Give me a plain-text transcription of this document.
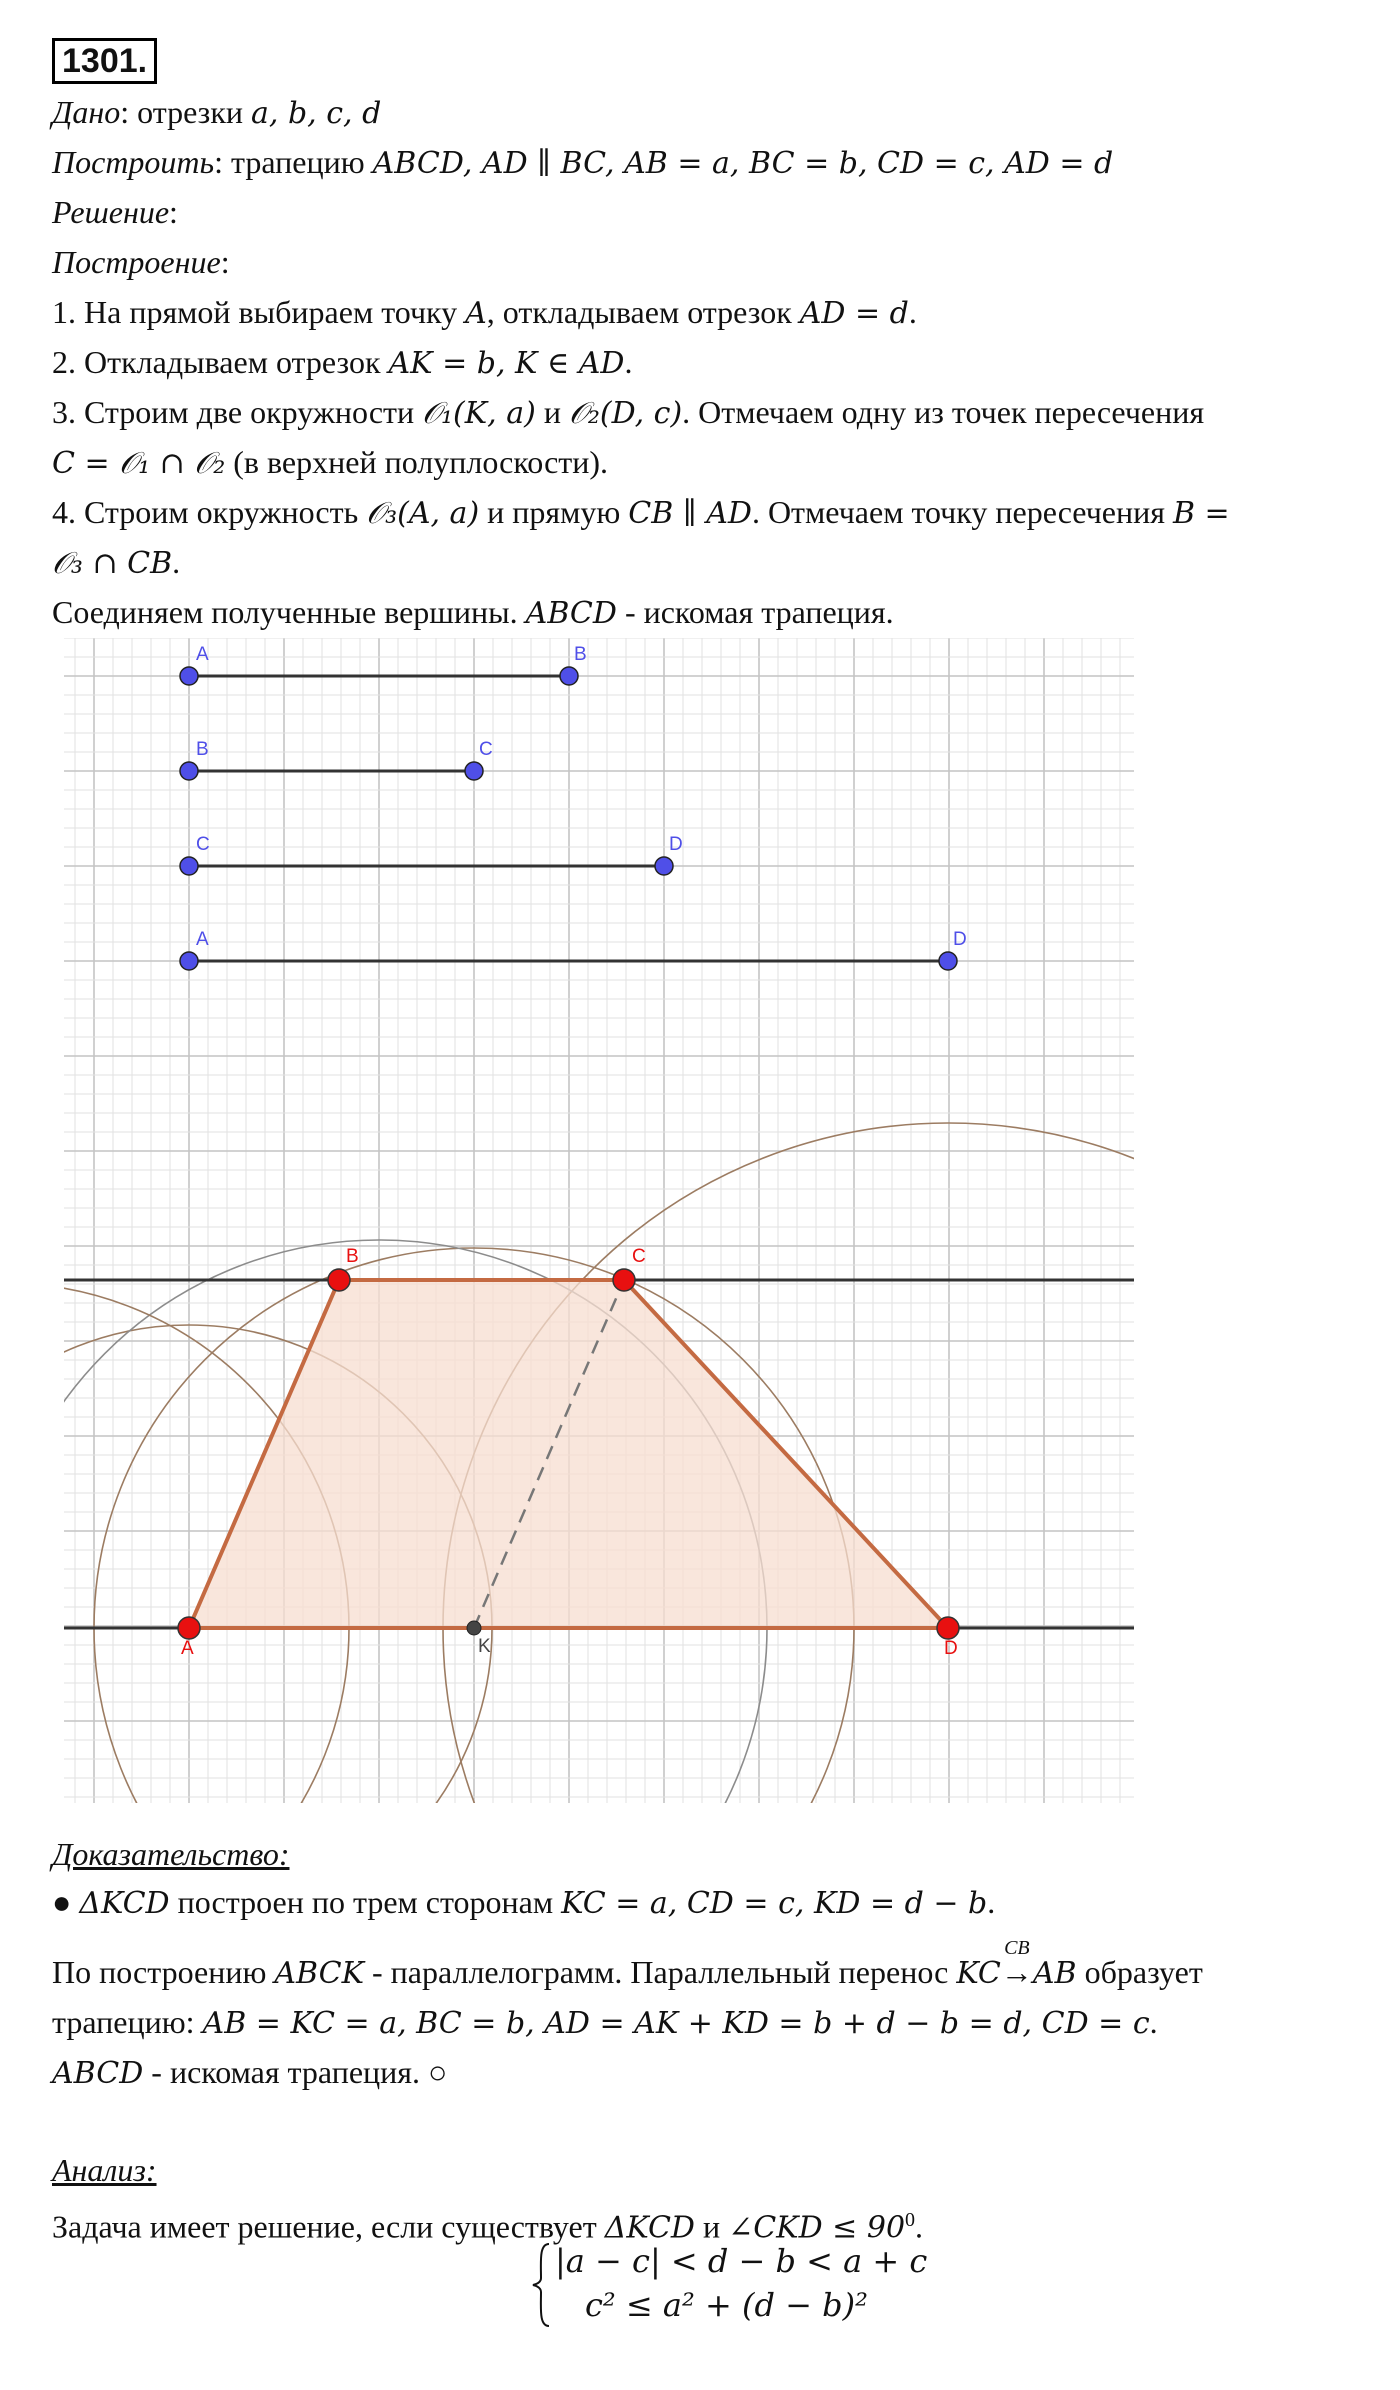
1301.
Дано: отрезки a, b, c, d
Построить: трапецию ABCD, AD ∥ BC, AB = a, BC = b, CD = c, AD = d
Решение:
Построение:
1. На прямой выбираем точку A, откладываем отрезок AD = d.
2. Откладываем отрезок AK = b, K ∈ AD.
3. Строим две окружности 𝒪₁(K, a) и 𝒪₂(D, c). Отмечаем одну из точек пересечения
C = 𝒪₁ ∩ 𝒪₂ (в верхней полуплоскости).
4. Строим окружность 𝒪₃(A, a) и прямую CB ∥ AD. Отмечаем точку пересечения B =
𝒪₃ ∩ CB.
Соединяем полученные вершины. ABCD - искомая трапеция.
A	B
B	C
C	D
A	D
A
B	C
D
K
Доказательство:
● ΔKCD построен по трем сторонам KC = a, CD = c, KD = d − b.
По построению ABCK - параллелограмм. Параллельный перенос KC
CB
→AB образует
трапецию: AB = KC = a, BC = b, AD = AK + KD = b + d − b = d, CD = c.
ABCD - искомая трапеция. ○
Анализ:
Задача имеет решение, если существует ΔKCD и ∠CKD ≤ $90^0$.
|a − c| < d − b < a + c
c² ≤ a² + (d − b)²
